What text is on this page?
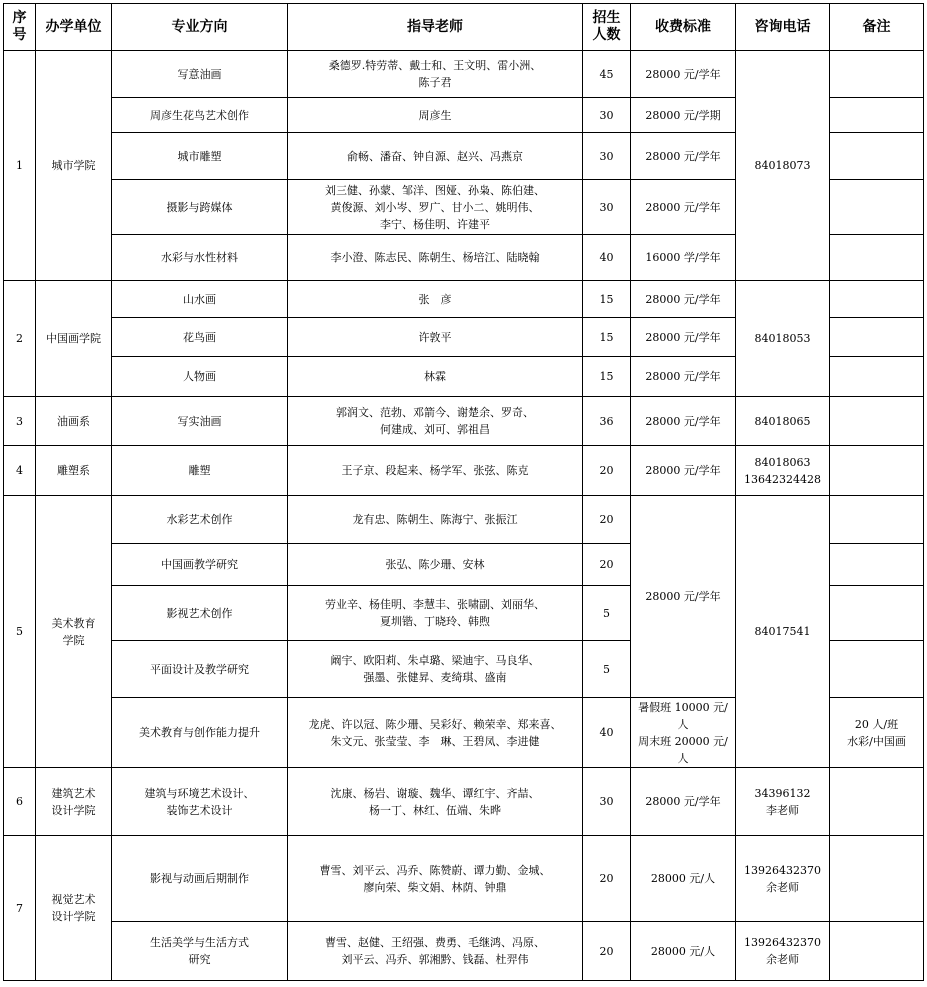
序
号	办学单位	专业方向	指导老师	招生
人数	收费标准	咨询电话	备注
1	城市学院	写意油画	桑德罗.特劳蒂、戴士和、王文明、雷小洲、
陈子君	45	28000 元/学年	84018073	
		周彦生花鸟艺术创作	周彦生	30	28000 元/学期		
		城市雕塑	俞畅、潘奋、钟自源、赵兴、冯燕京	30	28000 元/学年		
		摄影与跨媒体	刘三健、孙蒙、邹洋、图娅、孙枭、陈伯建、
黄俊源、刘小岑、罗广、甘小二、姚明伟、
李宁、杨佳明、许建平	30	28000 元/学年		
		水彩与水性材料	李小澄、陈志民、陈朝生、杨培江、陆晓翰	40	16000 学/学年		
2	中国画学院	山水画	张　彦	15	28000 元/学年	84018053	
		花鸟画	许敦平	15	28000 元/学年		
		人物画	林霖	15	28000 元/学年		
3	油画系	写实油画	郭润文、范勃、邓箭今、谢楚余、罗奇、
何建成、刘可、郭祖昌	36	28000 元/学年	84018065	
4	雕塑系	雕塑	王子京、段起来、杨学军、张弦、陈克	20	28000 元/学年	84018063
13642324428	
5	美术教育
学院	水彩艺术创作	龙有忠、陈朝生、陈海宁、张振江	20	28000 元/学年	84017541	
		中国画教学研究	张弘、陈少珊、安林	20			
		影视艺术创作	劳业辛、杨佳明、李慧丰、张啸副、刘丽华、
夏圳锴、丁晓玲、韩煦	5			
		平面设计及教学研究	阚宇、欧阳莉、朱卓璐、梁迪宇、马良华、
强墨、张健昇、麦绮琪、盛南	5			
		美术教育与创作能力提升	龙虎、许以冠、陈少珊、吴彩好、赖荣幸、郑来喜、
朱文元、张莹莹、李　琳、王碧凤、李进健	40	暑假班 10000 元/人
周末班 20000 元/人		20 人/班
水彩/中国画
6	建筑艺术
设计学院	建筑与环境艺术设计、
装饰艺术设计	沈康、杨岩、谢璇、魏华、谭红宇、齐喆、
杨一丁、林红、伍端、朱晔	30	28000 元/学年	34396132
李老师	
7	视觉艺术
设计学院	影视与动画后期制作	曹雪、刘平云、冯乔、陈赞蔚、谭力勤、金城、
廖向荣、柴文娟、林荫、钟鼎	20	28000 元/人	13926432370
余老师	
		生活美学与生活方式
研究	曹雪、赵健、王绍强、费勇、毛继鸿、冯原、
刘平云、冯乔、郭湘黔、钱磊、杜羿伟	20	28000 元/人	13926432370
余老师	
